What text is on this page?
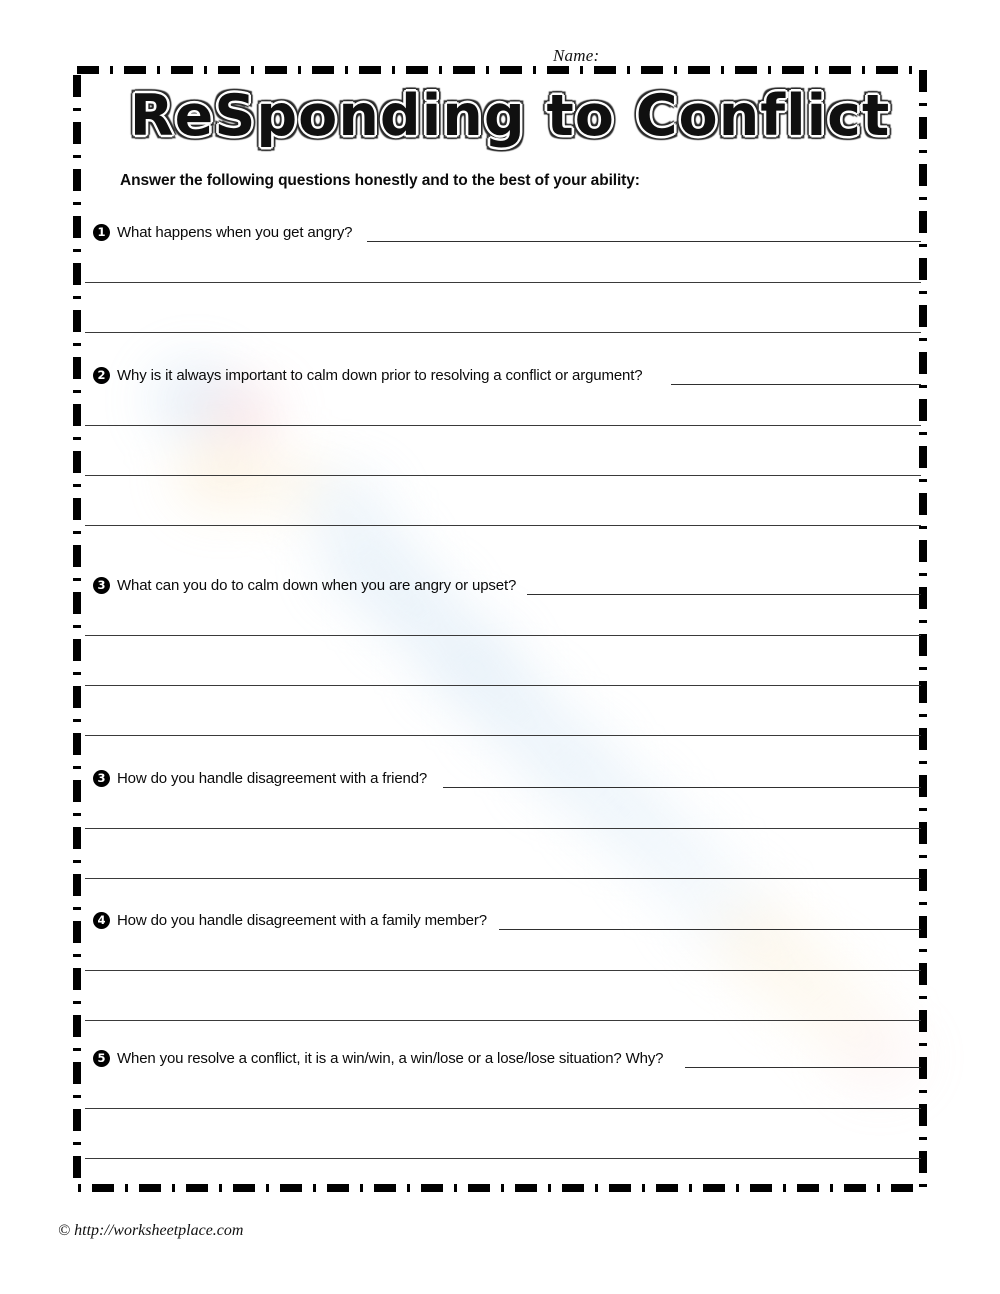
Name:
ReSponding to Conflict
Answer the following questions honestly and to the best of your ability:
1 What happens when you get angry?
2 Why is it always important to calm down prior to resolving a conflict or argument?
3 What can you do to calm down when you are angry or upset?
3 How do you handle disagreement with a friend?
4 How do you handle disagreement with a family member?
5 When you resolve a conflict, it is a win/win, a win/lose or a lose/lose situation? Why?
© http://worksheetplace.com
